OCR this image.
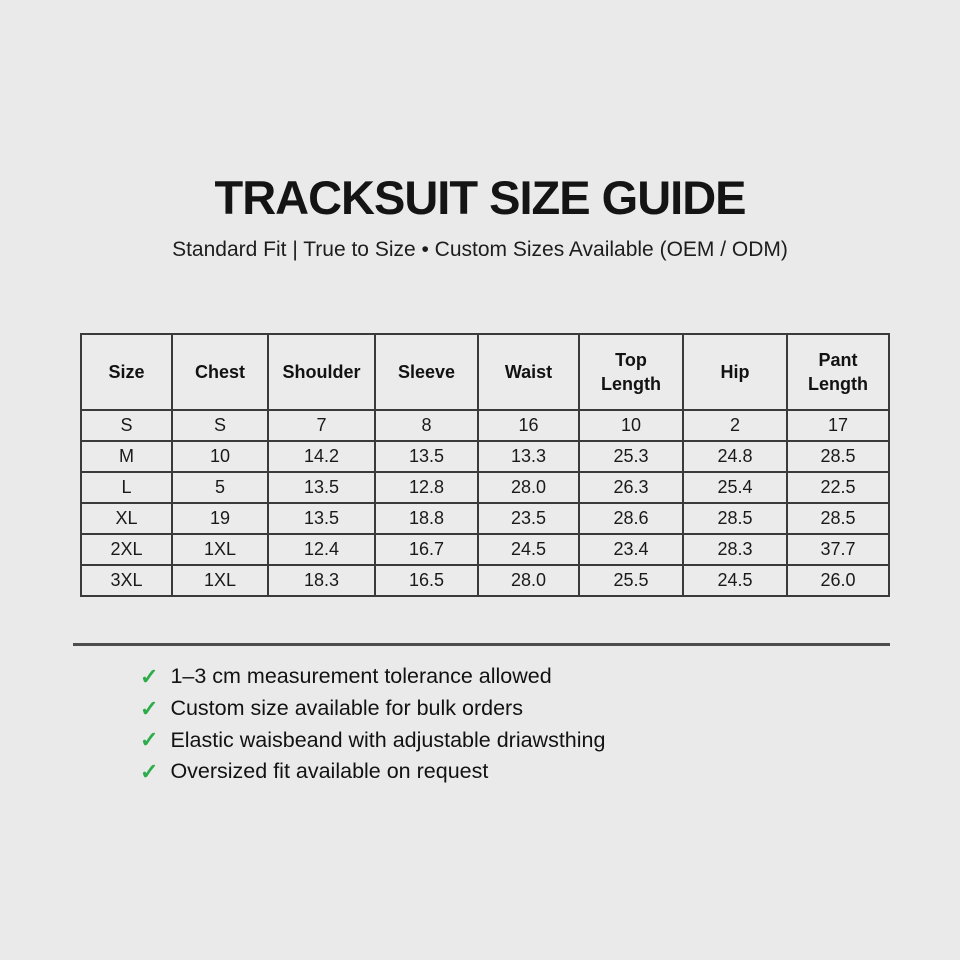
TRACKSUIT SIZE GUIDE

Standard Fit | True to Size • Custom Sizes Available (OEM / ODM)

Size	Chest	Shoulder	Sleeve	Waist	Top Length	Hip	Pant Length
S	S	7	8	16	10	2	17
M	10	14.2	13.5	13.3	25.3	24.8	28.5
L	5	13.5	12.8	28.0	26.3	25.4	22.5
XL	19	13.5	18.8	23.5	28.6	28.5	28.5
2XL	1XL	12.4	16.7	24.5	23.4	28.3	37.7
3XL	1XL	18.3	16.5	28.0	25.5	24.5	26.0
✓ 1–3 cm measurement tolerance allowed
✓ Custom size available for bulk orders
✓ Elastic waisbeand with adjustable driawsthing
✓ Oversized fit available on request
